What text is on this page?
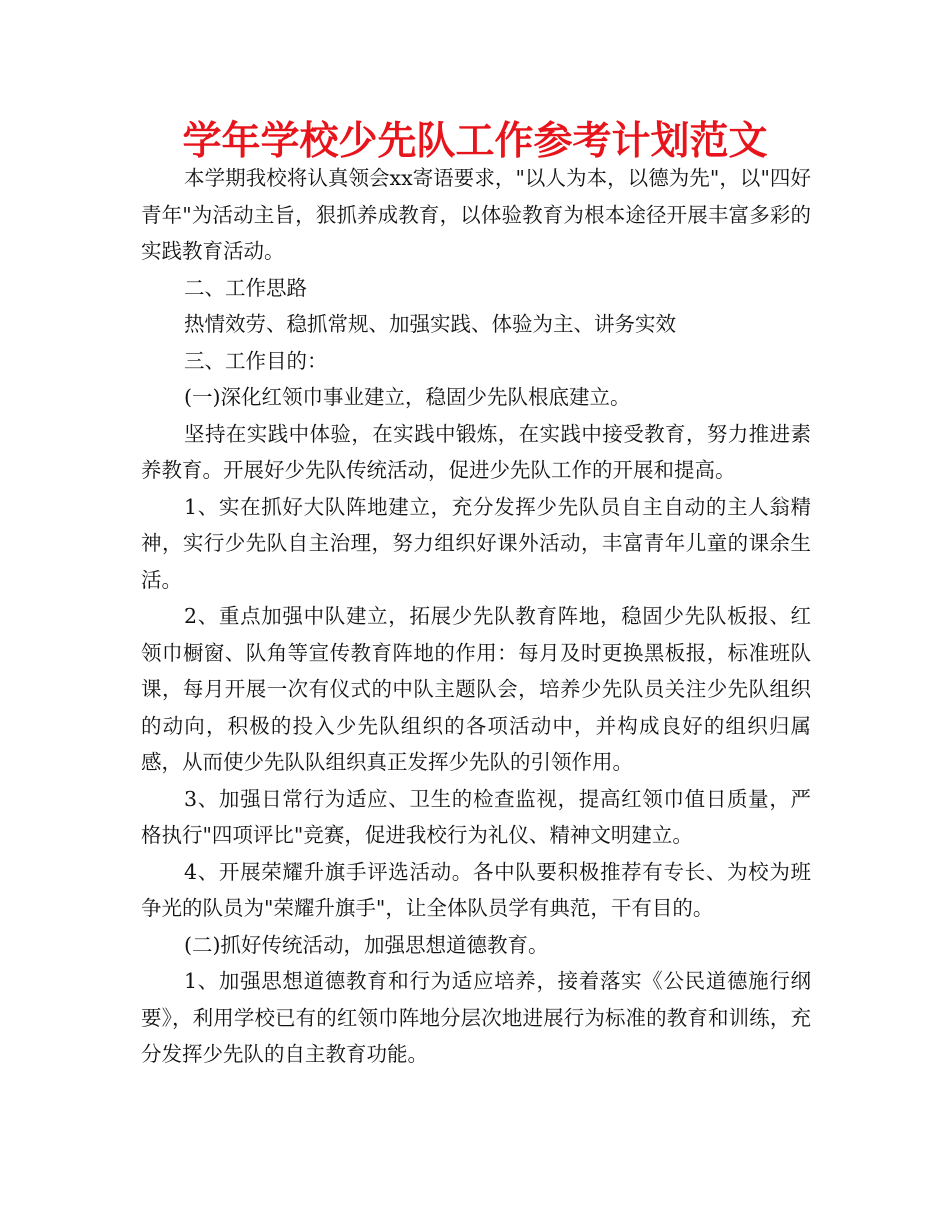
学年学校少先队工作参考计划范文

本学期我校将认真领会xx寄语要求，"以人为本，以德为先"，以"四好青年"为活动主旨，狠抓养成教育，以体验教育为根本途径开展丰富多彩的实践教育活动。

二、工作思路

热情效劳、稳抓常规、加强实践、体验为主、讲务实效

三、工作目的：

(一)深化红领巾事业建立，稳固少先队根底建立。

坚持在实践中体验，在实践中锻炼，在实践中接受教育，努力推进素养教育。开展好少先队传统活动，促进少先队工作的开展和提高。

1、实在抓好大队阵地建立，充分发挥少先队员自主自动的主人翁精神，实行少先队自主治理，努力组织好课外活动，丰富青年儿童的课余生活。

2、重点加强中队建立，拓展少先队教育阵地，稳固少先队板报、红领巾橱窗、队角等宣传教育阵地的作用：每月及时更换黑板报，标准班队课，每月开展一次有仪式的中队主题队会，培养少先队员关注少先队组织的动向，积极的投入少先队组织的各项活动中，并构成良好的组织归属感，从而使少先队队组织真正发挥少先队的引领作用。

3、加强日常行为适应、卫生的检查监视，提高红领巾值日质量，严格执行"四项评比"竞赛，促进我校行为礼仪、精神文明建立。

4、开展荣耀升旗手评选活动。各中队要积极推荐有专长、为校为班争光的队员为"荣耀升旗手"，让全体队员学有典范，干有目的。

(二)抓好传统活动，加强思想道德教育。

1、加强思想道德教育和行为适应培养，接着落实《公民道德施行纲要》，利用学校已有的红领巾阵地分层次地进展行为标准的教育和训练，充分发挥少先队的自主教育功能。
